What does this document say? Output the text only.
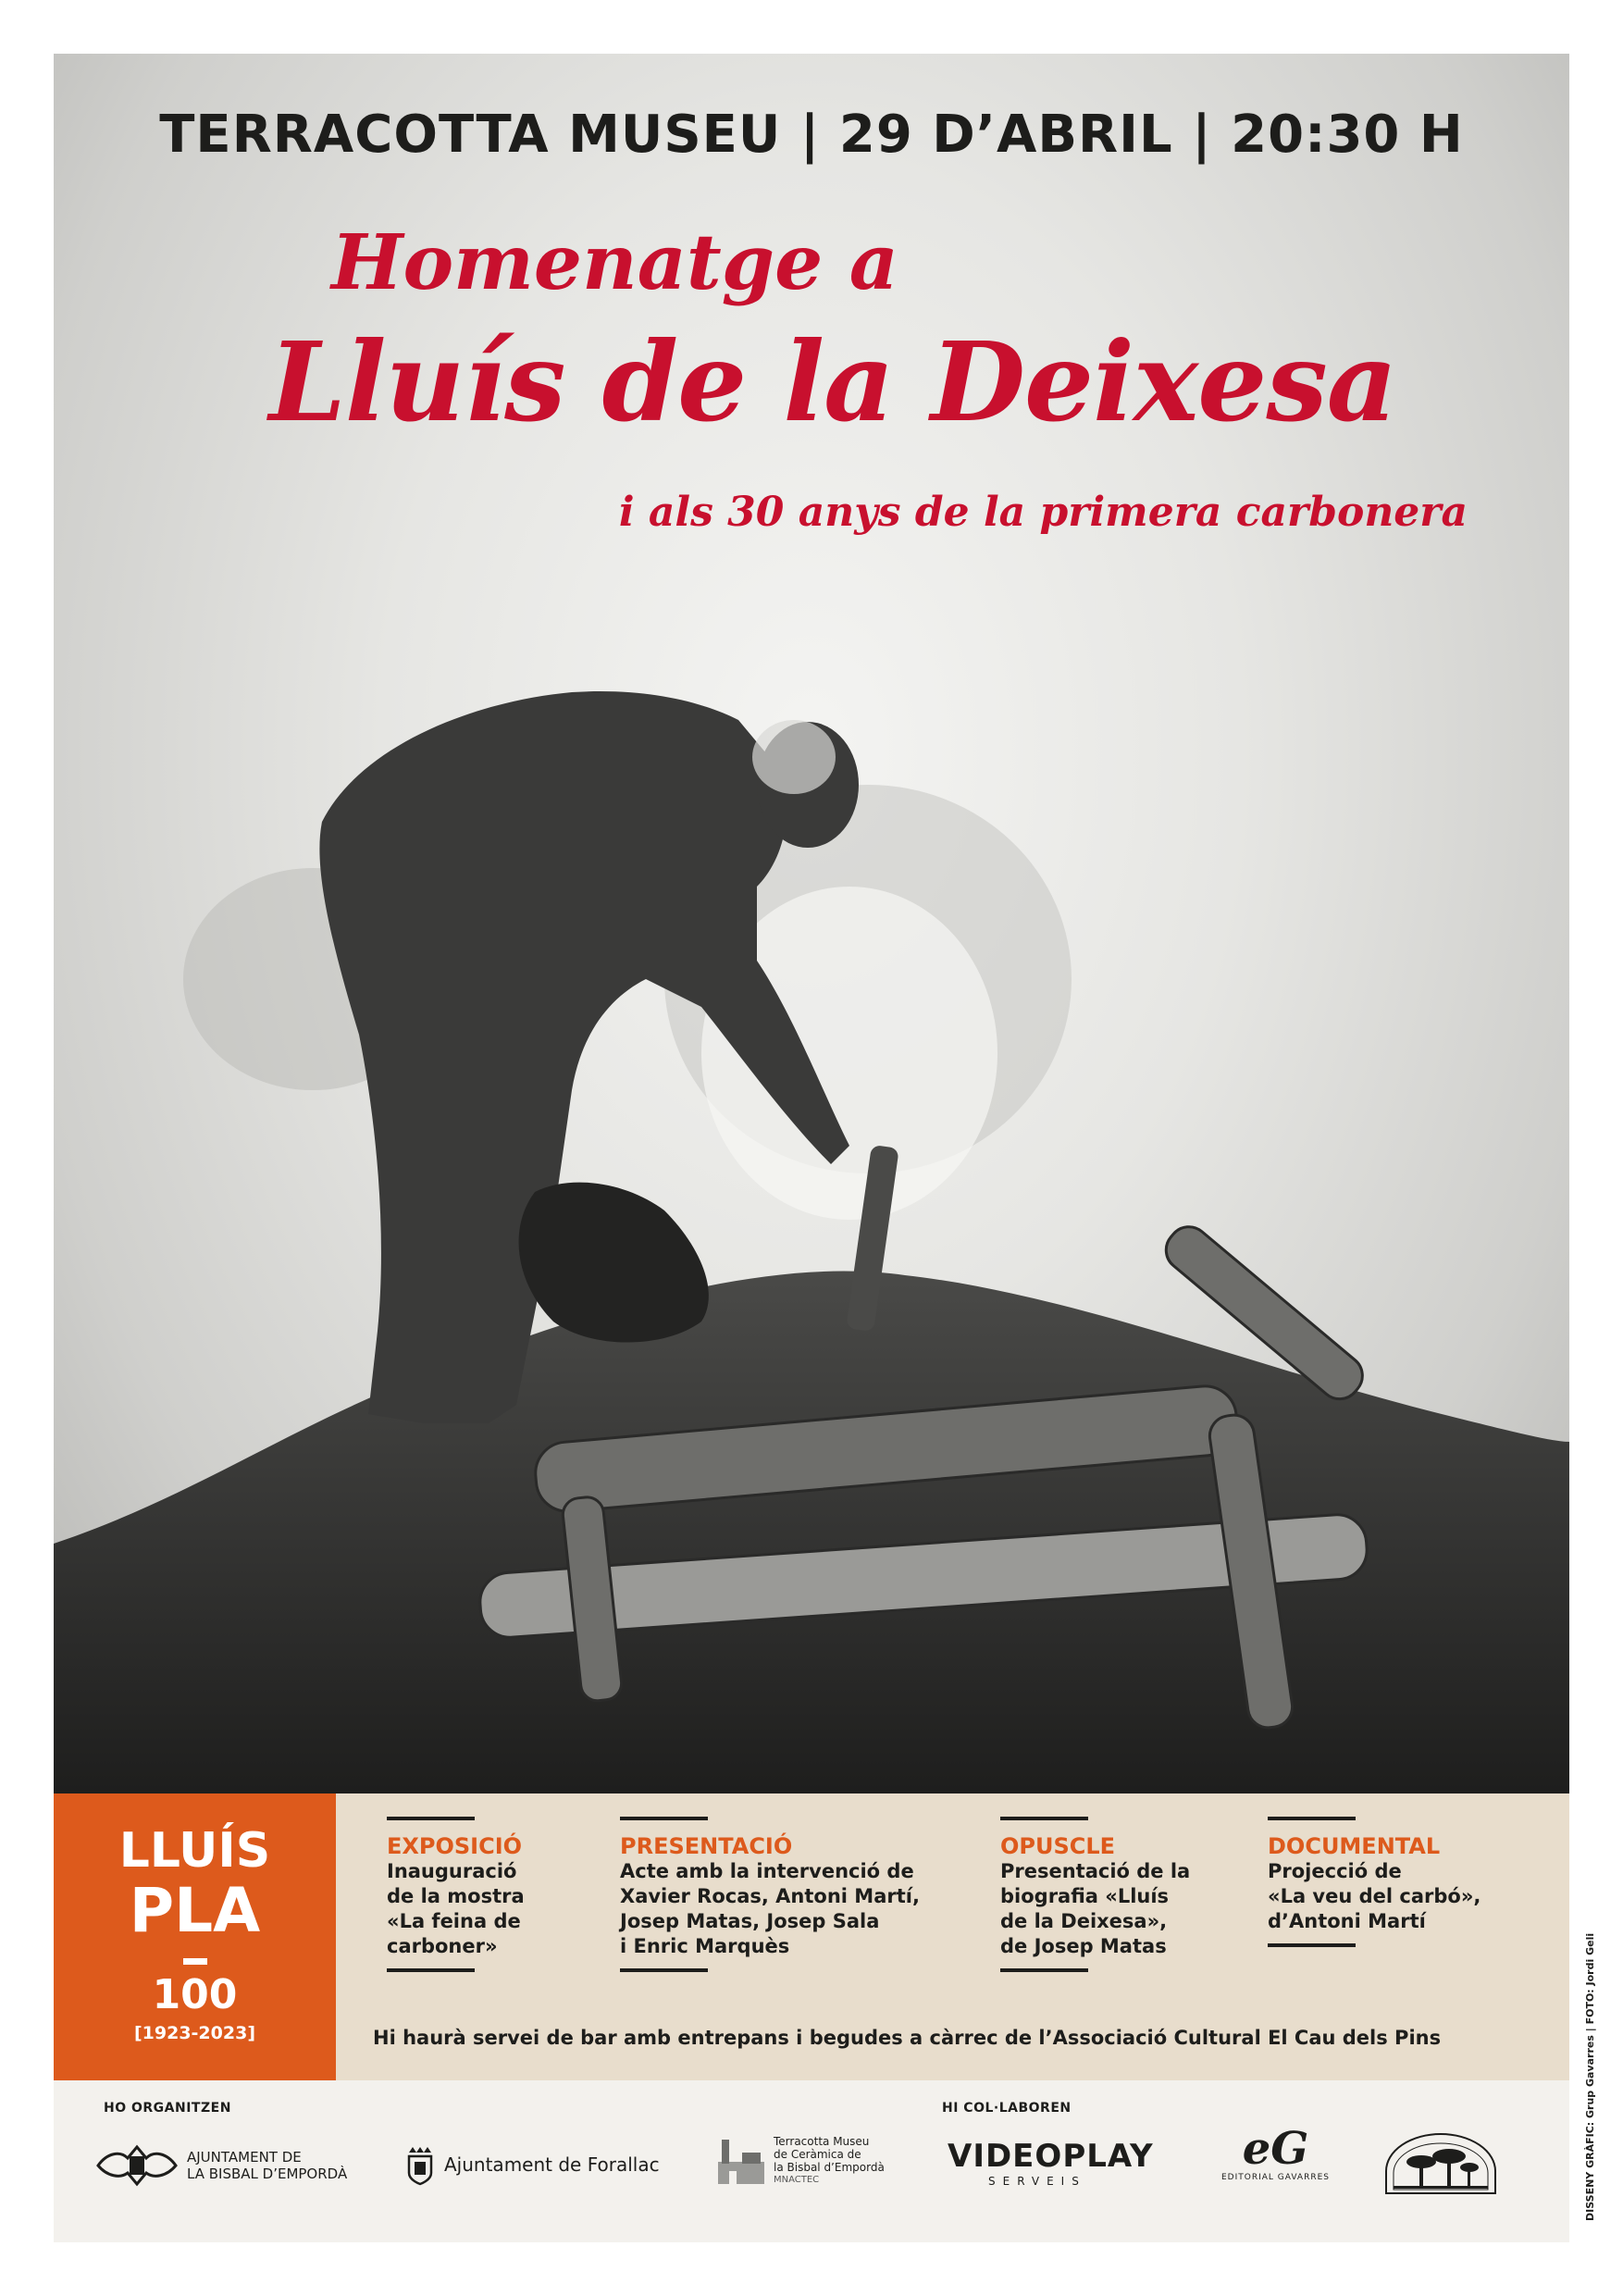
TERRACOTTA MUSEU | 29 D’ABRIL | 20:30 H
Homenatge a
Lluís de la Deixesa
i als 30 anys de la primera carbonera
LLUÍS
PLA
100
[1923-2023]
EXPOSICIÓ
Inauguració
de la mostra
«La feina de
carboner»
PRESENTACIÓ
Acte amb la intervenció de
Xavier Rocas, Antoni Martí,
Josep Matas, Josep Sala
i Enric Marquès
OPUSCLE
Presentació de la
biografia «Lluís
de la Deixesa»,
de Josep Matas
DOCUMENTAL
Projecció de
«La veu del carbó»,
d’Antoni Martí
Hi haurà servei de bar amb entrepans i begudes a càrrec de l’Associació Cultural El Cau dels Pins
HO ORGANITZEN	HI COL·LABOREN
AJUNTAMENT DE
LA BISBAL D’EMPORDÀ	Ajuntament de Forallac
Terracotta Museu
de Ceràmica de
la Bisbal d’Empordà
MNACTEC
VIDEOPLAY
SERVEIS
eG
EDITORIAL GAVARRES	DISSENY GRÀFIC: Grup Gavarres | FOTO: Jordi Geli
